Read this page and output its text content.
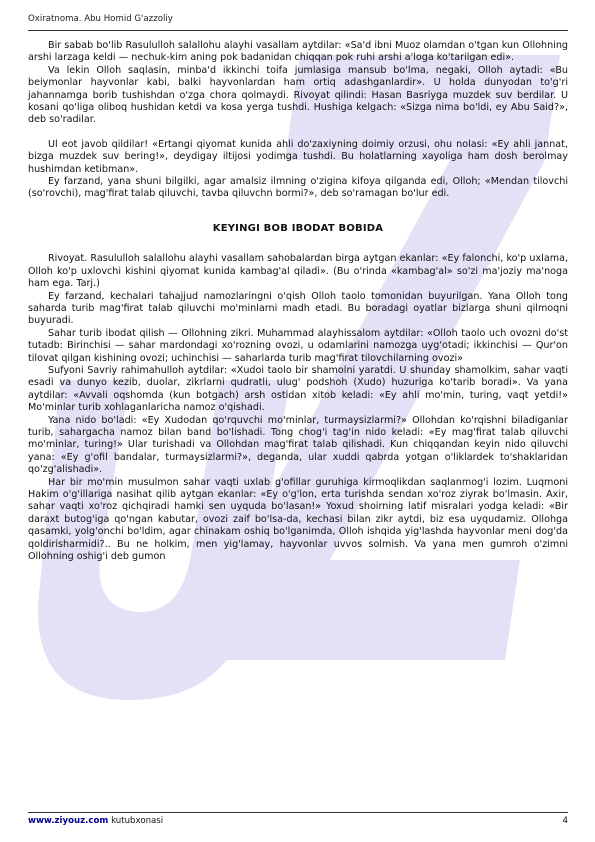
Oxiratnoma. Abu Homid G'azzoliy

Bir sabab bo'lib Rasululloh salallohu alayhi vasallam aytdilar: «Sa'd ibni Muoz olamdan o'tgan kun Ollohning arshi larzaga keldi — nechuk-kim aning pok badanidan chiqqan pok ruhi arshi a'loga ko'tarilgan edi».

Va lekin Olloh saqlasin, minba'd ikkinchi toifa jumlasiga mansub bo'lma, negaki, Olloh aytadi: «Bu beiymonlar hayvonlar kabi, balki hayvonlardan ham ortiq adashganlardir». U holda dunyodan to'g'ri jahannamga borib tushishdan o'zga chora qolmaydi. Rivoyat qilindi: Hasan Basriyga muzdek suv berdilar. U kosani qo'liga oliboq hushidan ketdi va kosa yerga tushdi. Hushiga kelgach: «Sizga nima bo'ldi, ey Abu Said?», deb so'radilar.

Ul eot javob qildilar! «Ertangi qiyomat kunida ahli do'zaxiyning doimiy orzusi, ohu nolasi: «Ey ahli jannat, bizga muzdek suv bering!», deydigay iltijosi yodimga tushdi. Bu holatlarning xayoliga ham dosh berolmay hushimdan ketibman».

Ey farzand, yana shuni bilgilki, agar amalsiz ilmning o'zigina kifoya qilganda edi, Olloh; «Mendan tilovchi (so'rovchi), mag'firat talab qiluvchi, tavba qiluvchn bormi?», deb so'ramagan bo'lur edi.

KEYINGI BOB IBODAT BOBIDA

Rivoyat. Rasululloh salallohu alayhi vasallam sahobalardan birga aytgan ekanlar: «Ey falonchi, ko'p uxlama, Olloh ko'p uxlovchi kishini qiyomat kunida kambag'al qiladi». (Bu o'rinda «kambag'al» so'zi ma'joziy ma'noga ham ega. Tarj.)

Ey farzand, kechalari tahajjud namozlaringni o'qish Olloh taolo tomonidan buyurilgan. Yana Olloh tong saharda turib mag'firat talab qiluvchi mo'minlarni madh etadi. Bu boradagi oyatlar bizlarga shuni qilmoqni buyuradi.

Sahar turib ibodat qilish — Ollohning zikri. Muhammad alayhissalom aytdilar: «Olloh taolo uch ovozni do'st tutadb: Birinchisi — sahar mardondagi xo'rozning ovozi, u odamlarini namozga uyg'otadi; ikkinchisi — Qur'on tilovat qilgan kishining ovozi; uchinchisi — saharlarda turib mag'firat tilovchilarning ovozi»

Sufyoni Savriy rahimahulloh aytdilar: «Xudoi taolo bir shamolni yaratdi. U shunday shamolkim, sahar vaqti esadi va dunyo kezib, duolar, zikrlarni qudratli, ulug' podshoh (Xudo) huzuriga ko'tarib boradi». Va yana aytdilar: «Avvali oqshomda (kun botgach) arsh ostidan xitob keladi: «Ey ahli mo'min, turing, vaqt yetdi!» Mo'minlar turib xohlaganlaricha namoz o'qishadi.

Yana nido bo'ladi: «Ey Xudodan qo'rquvchi mo'minlar, turmaysizlarmi?» Ollohdan ko'rqishni biladiganlar turib, sahargacha namoz bilan band bo'lishadi. Tong chog'i tag'in nido keladi: «Ey mag'firat talab qiluvchi mo'minlar, turing!» Ular turishadi va Ollohdan mag'firat talab qilishadi. Kun chiqqandan keyin nido qiluvchi yana: «Ey g'ofil bandalar, turmaysizlarmi?», deganda, ular xuddi qabrda yotgan o'liklardek to'shaklaridan qo'zg'alishadi».

Har bir mo'min musulmon sahar vaqti uxlab g'ofillar guruhiga kirmoqlikdan saqlanmog'i lozim. Luqmoni Hakim o'g'illariga nasihat qilib aytgan ekanlar: «Ey o'g'lon, erta turishda sendan xo'roz ziyrak bo'lmasin. Axir, sahar vaqti xo'roz qichqiradi hamki sen uyquda bo'lasan!» Yoxud shoirning latif misralari yodga keladi: «Bir daraxt butog'iga qo'ngan kabutar, ovozi zaif bo'lsa-da, kechasi bilan zikr aytdi, biz esa uyqudamiz. Ollohga qasamki, yolg'onchi bo'ldim, agar chinakam oshiq bo'lganimda, Olloh ishqida yig'lashda hayvonlar meni dog'da qoldirisharmidi?.. Bu ne holkim, men yig'lamay, hayvonlar uvvos solmish. Va yana men gumroh o'zimni Ollohning oshig'i deb gumon

www.ziyouz.com kutubxonasi	4
